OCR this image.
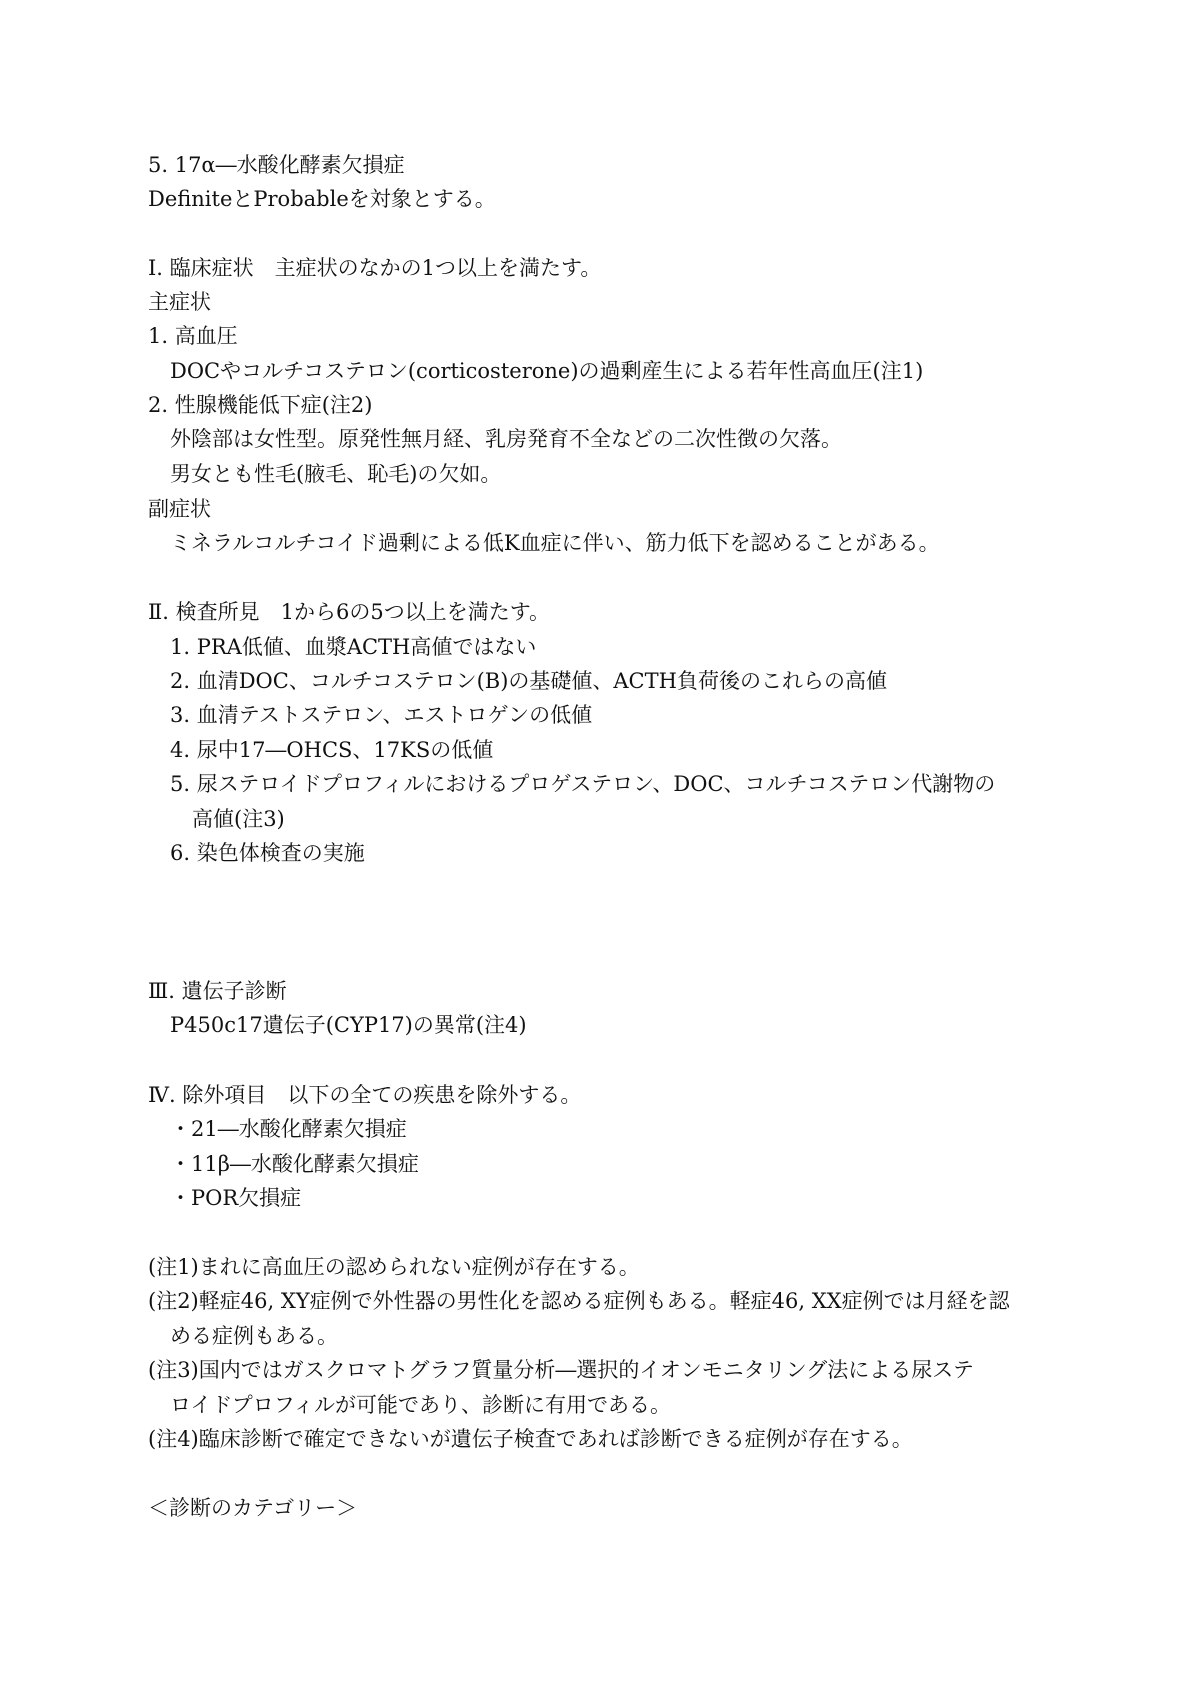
5. 17α―水酸化酵素欠損症
DefiniteとProbableを対象とする。
Ⅰ. 臨床症状　主症状のなかの1つ以上を満たす。
主症状
1. 高血圧
DOCやコルチコステロン(corticosterone)の過剰産生による若年性高血圧(注1)
2. 性腺機能低下症(注2)
外陰部は女性型。原発性無月経、乳房発育不全などの二次性徴の欠落。
男女とも性毛(腋毛、恥毛)の欠如。
副症状
ミネラルコルチコイド過剰による低K血症に伴い、筋力低下を認めることがある。
Ⅱ. 検査所見　1から6の5つ以上を満たす。
1. PRA低値、血漿ACTH高値ではない
2. 血清DOC、コルチコステロン(B)の基礎値、ACTH負荷後のこれらの高値
3. 血清テストステロン、エストロゲンの低値
4. 尿中17―OHCS、17KSの低値
5. 尿ステロイドプロフィルにおけるプロゲステロン、DOC、コルチコステロン代謝物の
高値(注3)
6. 染色体検査の実施
Ⅲ. 遺伝子診断
P450c17遺伝子(CYP17)の異常(注4)
Ⅳ. 除外項目　以下の全ての疾患を除外する。
・21―水酸化酵素欠損症
・11β―水酸化酵素欠損症
・POR欠損症
(注1)まれに高血圧の認められない症例が存在する。
(注2)軽症46, XY症例で外性器の男性化を認める症例もある。軽症46, XX症例では月経を認
める症例もある。
(注3)国内ではガスクロマトグラフ質量分析―選択的イオンモニタリング法による尿ステ
ロイドプロフィルが可能であり、診断に有用である。
(注4)臨床診断で確定できないが遺伝子検査であれば診断できる症例が存在する。
＜診断のカテゴリー＞
